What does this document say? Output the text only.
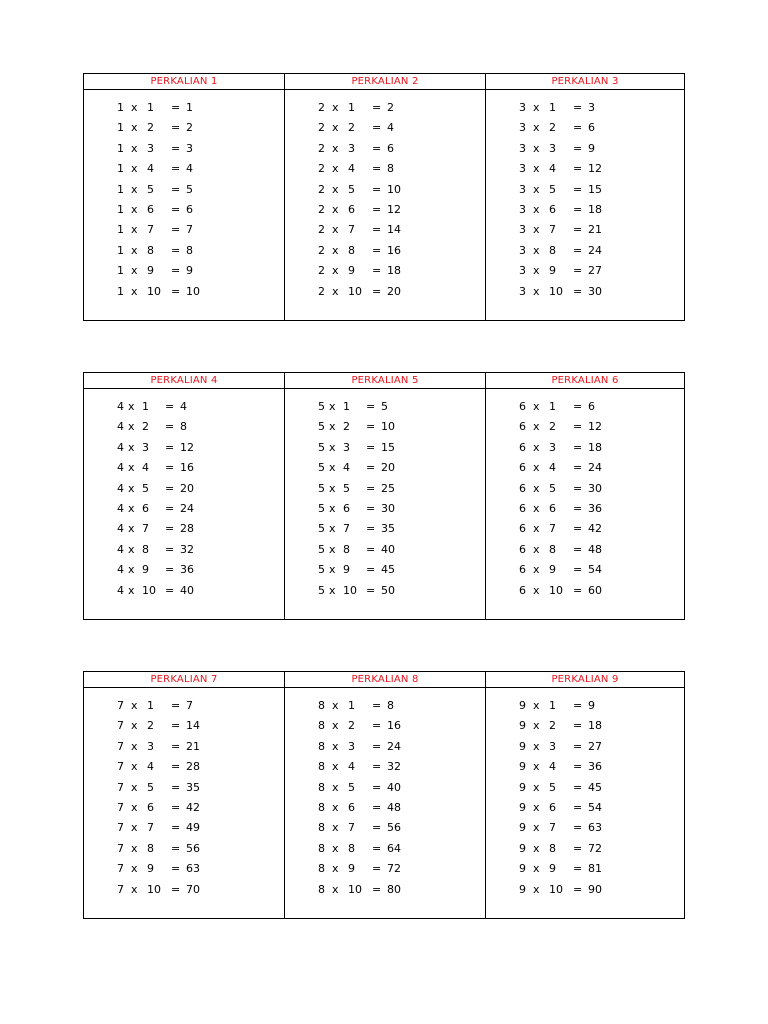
PERKALIAN 1
1 x 1 = 1
1 x 2 = 2
1 x 3 = 3
1 x 4 = 4
1 x 5 = 5
1 x 6 = 6
1 x 7 = 7
1 x 8 = 8
1 x 9 = 9
1 x 10 = 10
PERKALIAN 2
2 x 1 = 2
2 x 2 = 4
2 x 3 = 6
2 x 4 = 8
2 x 5 = 10
2 x 6 = 12
2 x 7 = 14
2 x 8 = 16
2 x 9 = 18
2 x 10 = 20
PERKALIAN 3
3 x 1 = 3
3 x 2 = 6
3 x 3 = 9
3 x 4 = 12
3 x 5 = 15
3 x 6 = 18
3 x 7 = 21
3 x 8 = 24
3 x 9 = 27
3 x 10 = 30
PERKALIAN 4
4 x 1 = 4
4 x 2 = 8
4 x 3 = 12
4 x 4 = 16
4 x 5 = 20
4 x 6 = 24
4 x 7 = 28
4 x 8 = 32
4 x 9 = 36
4 x 10 = 40
PERKALIAN 5
5 x 1 = 5
5 x 2 = 10
5 x 3 = 15
5 x 4 = 20
5 x 5 = 25
5 x 6 = 30
5 x 7 = 35
5 x 8 = 40
5 x 9 = 45
5 x 10 = 50
PERKALIAN 6
6 x 1 = 6
6 x 2 = 12
6 x 3 = 18
6 x 4 = 24
6 x 5 = 30
6 x 6 = 36
6 x 7 = 42
6 x 8 = 48
6 x 9 = 54
6 x 10 = 60
PERKALIAN 7
7 x 1 = 7
7 x 2 = 14
7 x 3 = 21
7 x 4 = 28
7 x 5 = 35
7 x 6 = 42
7 x 7 = 49
7 x 8 = 56
7 x 9 = 63
7 x 10 = 70
PERKALIAN 8
8 x 1 = 8
8 x 2 = 16
8 x 3 = 24
8 x 4 = 32
8 x 5 = 40
8 x 6 = 48
8 x 7 = 56
8 x 8 = 64
8 x 9 = 72
8 x 10 = 80
PERKALIAN 9
9 x 1 = 9
9 x 2 = 18
9 x 3 = 27
9 x 4 = 36
9 x 5 = 45
9 x 6 = 54
9 x 7 = 63
9 x 8 = 72
9 x 9 = 81
9 x 10 = 90
